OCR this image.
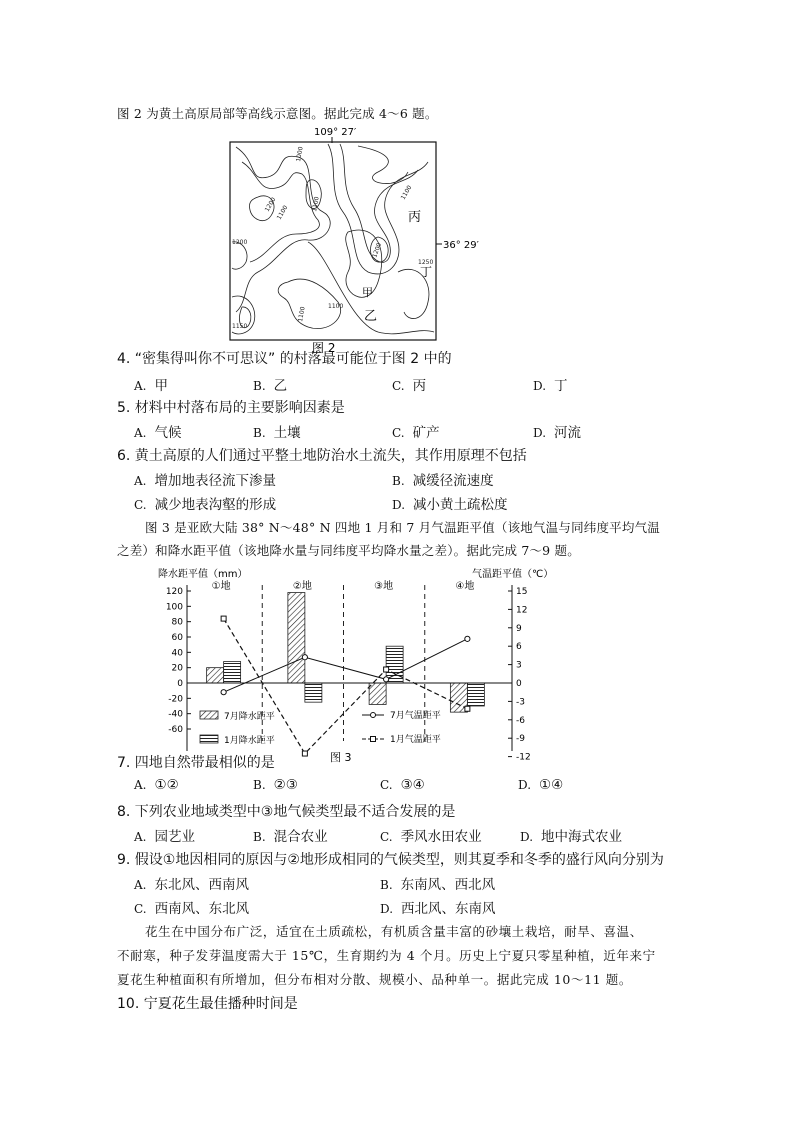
图 2 为黄土高原局部等高线示意图。据此完成 4～6 题。
109° 27′
1000
1200
1100
1100
1200
1250
1100	1100
1200
1150
1100
丙
丁
甲
乙
36° 29′
图 2
4. “密集得叫你不可思议” 的村落最可能位于图 2 中的
A. 甲	B. 乙	C. 丙	D. 丁
5. 材料中村落布局的主要影响因素是
A. 气候	B. 土壤	C. 矿产	D. 河流
6. 黄土高原的人们通过平整土地防治水土流失，其作用原理不包括
A. 增加地表径流下渗量	B. 减缓径流速度
C. 减少地表沟壑的形成	D. 减小黄土疏松度
图 3 是亚欧大陆 38° N～48° N 四地 1 月和 7 月气温距平值（该地气温与同纬度平均气温
之差）和降水距平值（该地降水量与同纬度平均降水量之差）。据此完成 7～9 题。
降水距平值（mm）	气温距平值（℃）
120
100
80
60
40
20
0
-20
-40
-60
15
12
9
6
3
0
-3
-6
-9
-12
①地	②地	③地	④地
7月降水距平
1月降水距平
7月气温距平
1月气温距平
图 3
7. 四地自然带最相似的是
A. ①②	B. ②③	C. ③④	D. ①④
8. 下列农业地域类型中③地气候类型最不适合发展的是
A. 园艺业	B. 混合农业	C. 季风水田农业	D. 地中海式农业
9. 假设①地因相同的原因与②地形成相同的气候类型，则其夏季和冬季的盛行风向分别为
A. 东北风、西南风	B. 东南风、西北风
C. 西南风、东北风	D. 西北风、东南风
花生在中国分布广泛，适宜在土质疏松，有机质含量丰富的砂壤土栽培，耐旱、喜温、
不耐寒，种子发芽温度需大于 15℃，生育期约为 4 个月。历史上宁夏只零星种植，近年来宁
夏花生种植面积有所增加，但分布相对分散、规模小、品种单一。据此完成 10～11 题。
10. 宁夏花生最佳播种时间是
